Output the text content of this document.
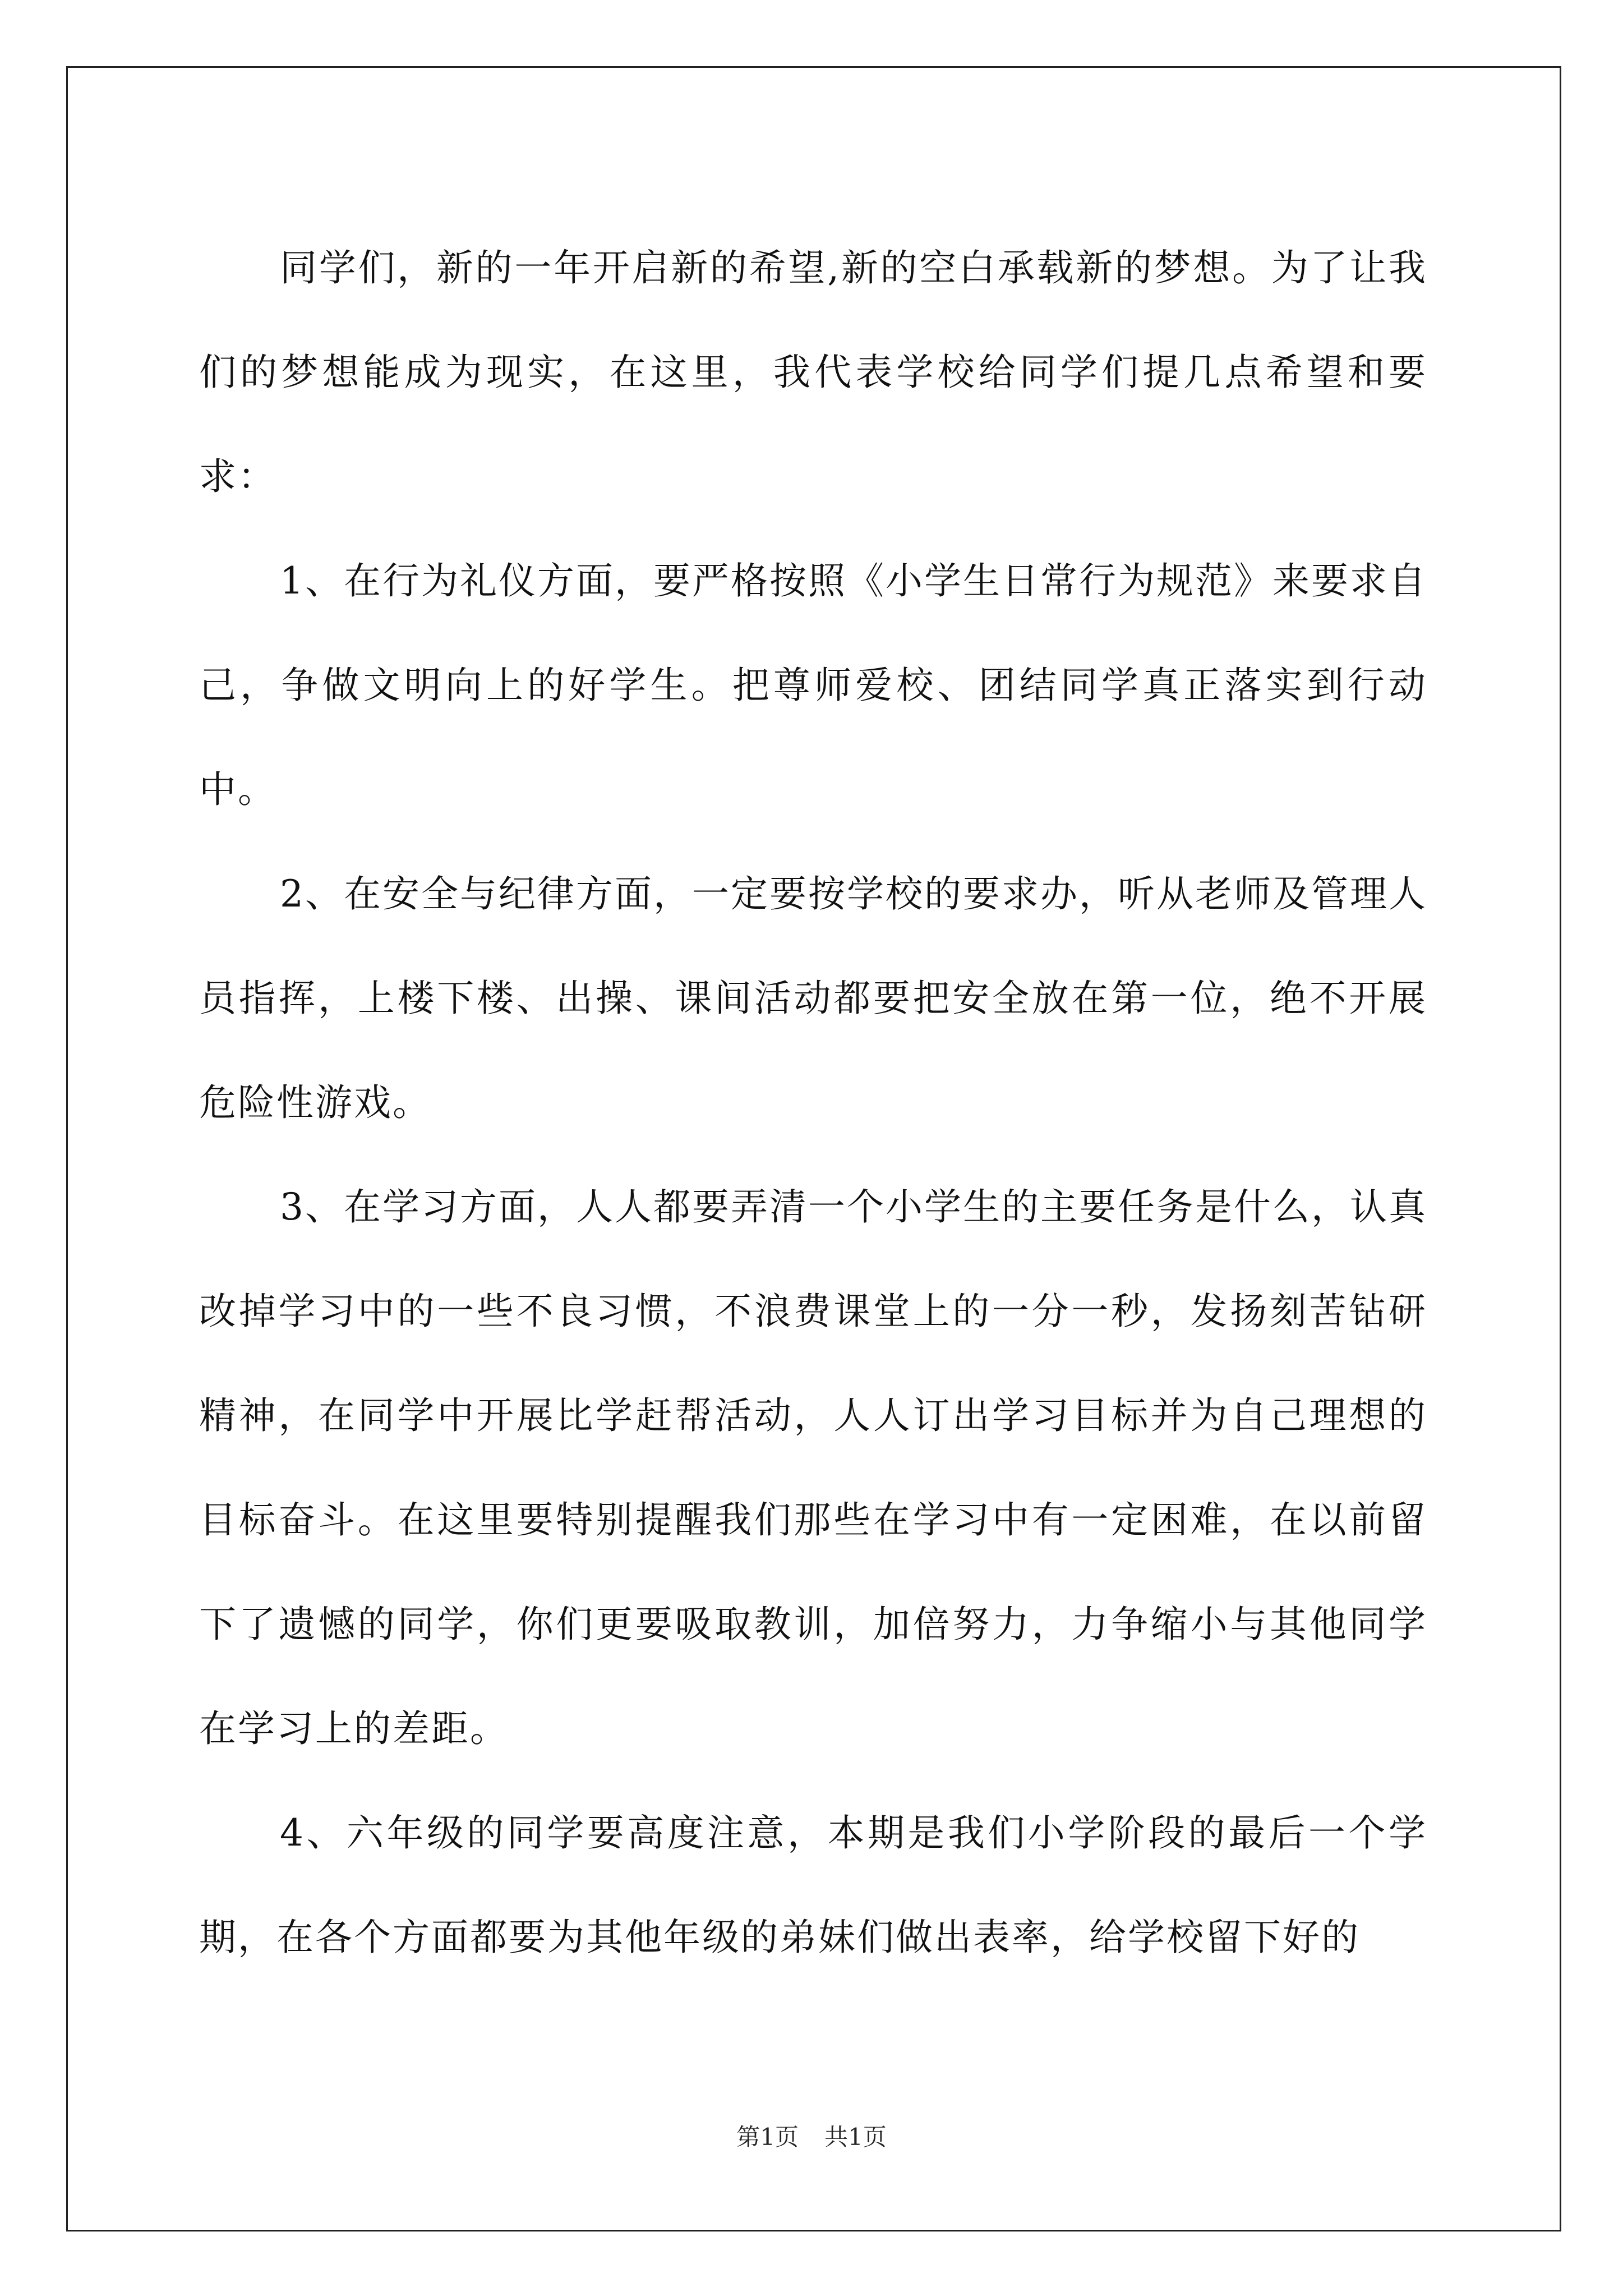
同学们，新的一年开启新的希望,新的空白承载新的梦想。为了让我们的梦想能成为现实，在这里，我代表学校给同学们提几点希望和要求：

1、在行为礼仪方面，要严格按照《小学生日常行为规范》来要求自己，争做文明向上的好学生。把尊师爱校、团结同学真正落实到行动中。

2、在安全与纪律方面，一定要按学校的要求办，听从老师及管理人员指挥，上楼下楼、出操、课间活动都要把安全放在第一位，绝不开展危险性游戏。

3、在学习方面，人人都要弄清一个小学生的主要任务是什么，认真改掉学习中的一些不良习惯，不浪费课堂上的一分一秒，发扬刻苦钻研精神，在同学中开展比学赶帮活动，人人订出学习目标并为自己理想的目标奋斗。在这里要特别提醒我们那些在学习中有一定困难，在以前留下了遗憾的同学，你们更要吸取教训，加倍努力，力争缩小与其他同学在学习上的差距。

4、六年级的同学要高度注意，本期是我们小学阶段的最后一个学期，在各个方面都要为其他年级的弟妹们做出表率，给学校留下好的

第1页 共1页
